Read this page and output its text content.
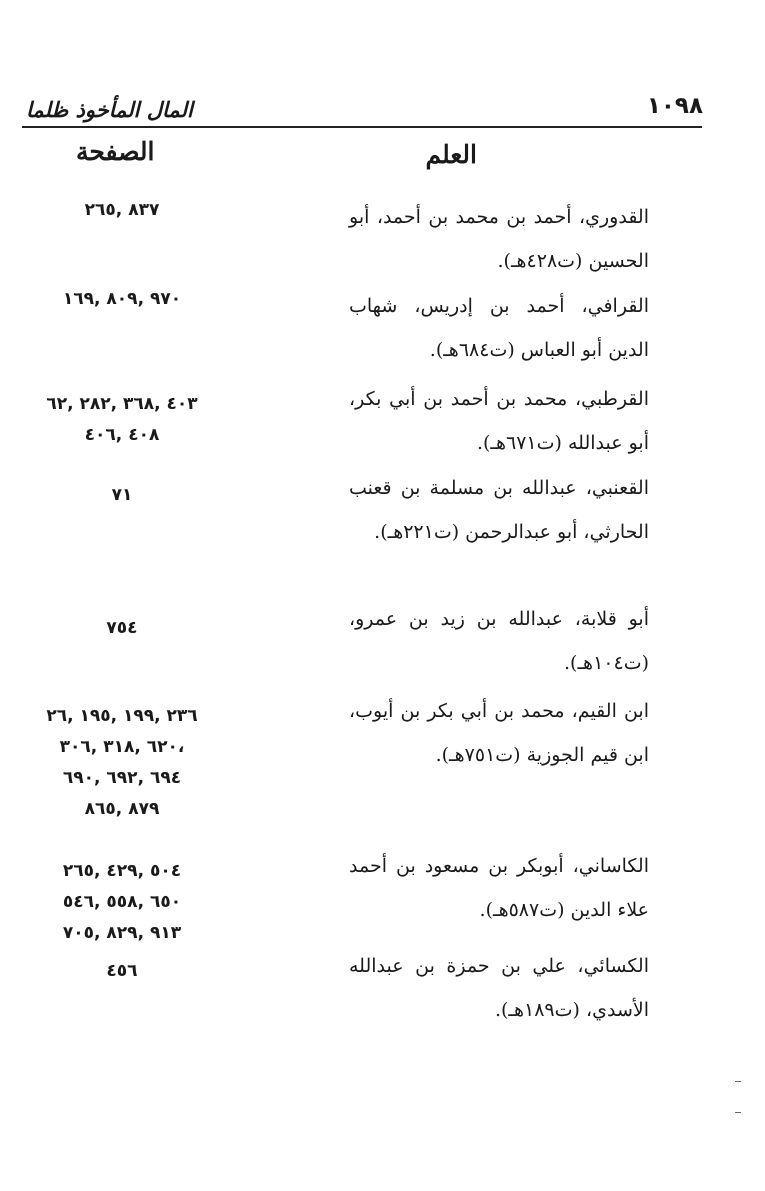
١٠٩٨
المال المأخوذ ظلما
العلم
الصفحة
القدوري، أحمد بن محمد بن أحمد، أبو الحسين (ت٤٢٨هـ).
٨٣٧ ,٢٦٥
القرافي، أحمد بن إدريس، شهاب الدين أبو العباس (ت٦٨٤هـ).
٩٧٠ ,٨٠٩ ,١٦٩
القرطبي، محمد بن أحمد بن أبي بكر، أبو عبدالله (ت٦٧١هـ).
٤٠٣ ,٣٦٨ ,٢٨٢ ,٦٢
٤٠٨ ,٤٠٦
القعنبي، عبدالله بن مسلمة بن قعنب الحارثي، أبو عبدالرحمن (ت٢٢١هـ).
٧١
أبو قلابة، عبدالله بن زيد بن عمرو، (ت١٠٤هـ).
٧٥٤
ابن القيم، محمد بن أبي بكر بن أيوب، ابن قيم الجوزية (ت٧٥١هـ).
٢٣٦ ,١٩٩ ,١٩٥ ,٢٦
،٦٢٠ ,٣١٨ ,٣٠٦
٦٩٤ ,٦٩٢ ,٦٩٠
٨٧٩ ,٨٦٥
الكاساني، أبوبكر بن مسعود بن أحمد علاء الدين (ت٥٨٧هـ).
٥٠٤ ,٤٢٩ ,٢٦٥
٦٥٠ ,٥٥٨ ,٥٤٦
٩١٣ ,٨٢٩ ,٧٠٥
الكسائي، علي بن حمزة بن عبدالله الأسدي، (ت١٨٩هـ).
٤٥٦
